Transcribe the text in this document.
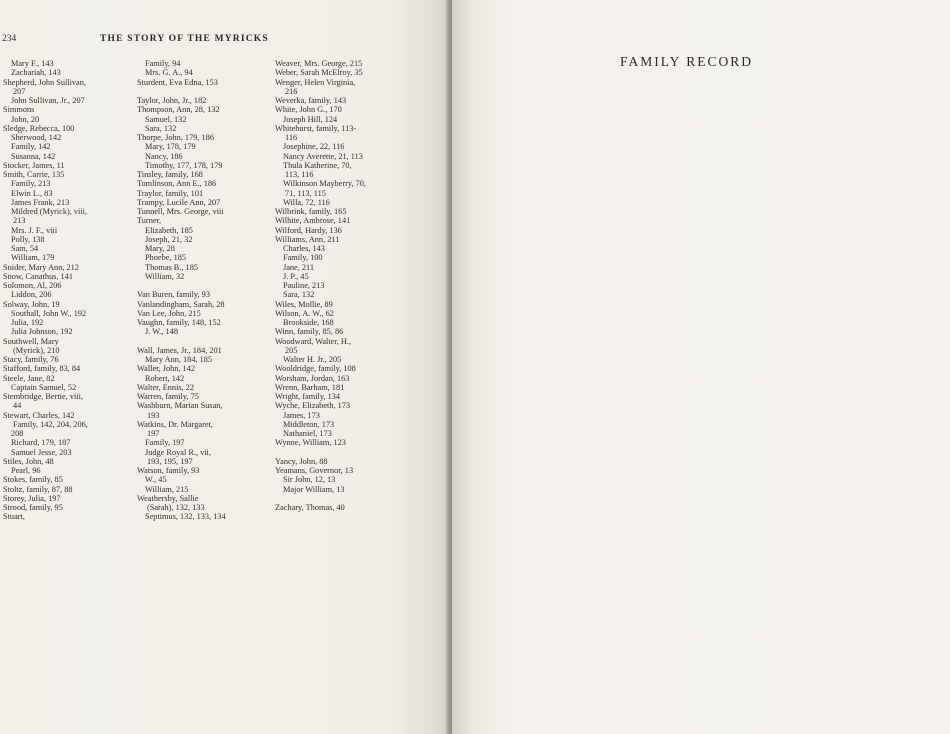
234	THE STORY OF THE MYRICKS
Mary F., 143
Zachariah, 143
Shepherd, John Sullivan,
207
John Sullivan, Jr., 207
Simmons
John, 20
Sledge, Rebecca, 100
Sherwood, 142
Family, 142
Susanna, 142
Stocker, James, 11
Smith, Carrie, 135
Family, 213
Elwin L., 83
James Frank, 213
Mildred (Myrick), viii,
213
Mrs. J. F., viii
Polly, 138
Sam, 54
William, 179
Snider, Mary Ann, 212
Snow, Canathus, 141
Solomon, Al, 206
Liddon, 206
Solway, John, 19
Southall, John W., 192
Julia, 192
Julia Johnson, 192
Southwell, Mary
(Myrick), 210
Stacy, family, 76
Stafford, family, 83, 84
Steele, Jane, 82
Captain Samuel, 52
Stembridge, Bertie, viii,
44
Stewart, Charles, 142
Family, 142, 204, 206,
208
Richard, 179, 187
Samuel Jesse, 203
Stiles, John, 48
Pearl, 96
Stokes, family, 85
Stoltz, family, 87, 88
Storey, Julia, 197
Strood, family, 95
Stuart,
Family, 94
Mrs. G. A., 94
Sturdent, Eva Edna, 153
Taylor, John, Jr., 182
Thompson, Ann, 28, 132
Samuel, 132
Sara, 132
Thorpe, John, 179, 186
Mary, 178, 179
Nancy, 186
Timothy, 177, 178, 179
Tinsley, family, 168
Tomlinson, Ann E., 186
Traylor, family, 101
Trampy, Lucile Ann, 207
Tunnell, Mrs. George, viii
Turner,
Elizabeth, 185
Joseph, 21, 32
Mary, 28
Phoebe, 185
Thomas B., 185
William, 32
Van Buren, family, 93
Vanlandingham, Sarah, 28
Van Lee, John, 215
Vaughn, family, 148, 152
J. W., 148
Wall, James, Jr., 184, 201
Mary Ann, 184, 185
Waller, John, 142
Robert, 142
Walter, Ennis, 22
Warren, family, 75
Washburn, Marian Susan,
193
Watkins, Dr. Margaret,
197
Family, 197
Judge Royal R., vii,
193, 195, 197
Watson, family, 93
W., 45
William, 215
Weathersby, Sallie
(Sarah), 132, 133
Septimus, 132, 133, 134
Weaver, Mrs. George, 215
Weber, Sarah McElroy, 35
Wenger, Helen Virginia,
216
Weverka, family, 143
White, John G., 170
Joseph Hill, 124
Whitehurst, family, 113-
116
Josephine, 22, 116
Nancy Averette, 21, 113
Thula Katherine, 70,
113, 116
Wilkinson Mayberry, 70,
71, 113, 115
Willa, 72, 116
Wilbrink, family, 165
Wilhite, Ambrose, 141
Wilford, Hardy, 136
Williams, Ann, 211
Charles, 143
Family, 100
Jane, 211
J. P., 45
Pauline, 213
Sara, 132
Wiles, Mollie, 89
Wilson, A. W., 62
Brookside, 168
Winn, family, 85, 86
Woodward, Walter, H.,
205
Walter H. Jr., 205
Wooldridge, family, 108
Worsham, Jordan, 163
Wrenn, Barham, 181
Wright, family, 134
Wyche, Elizabeth, 173
James, 173
Middleton, 173
Nathaniel, 173
Wynne, William, 123
Yancy, John, 88
Yeamans, Governor, 13
Sir John, 12, 13
Major William, 13
Zachary, Thomas, 40
FAMILY RECORD
